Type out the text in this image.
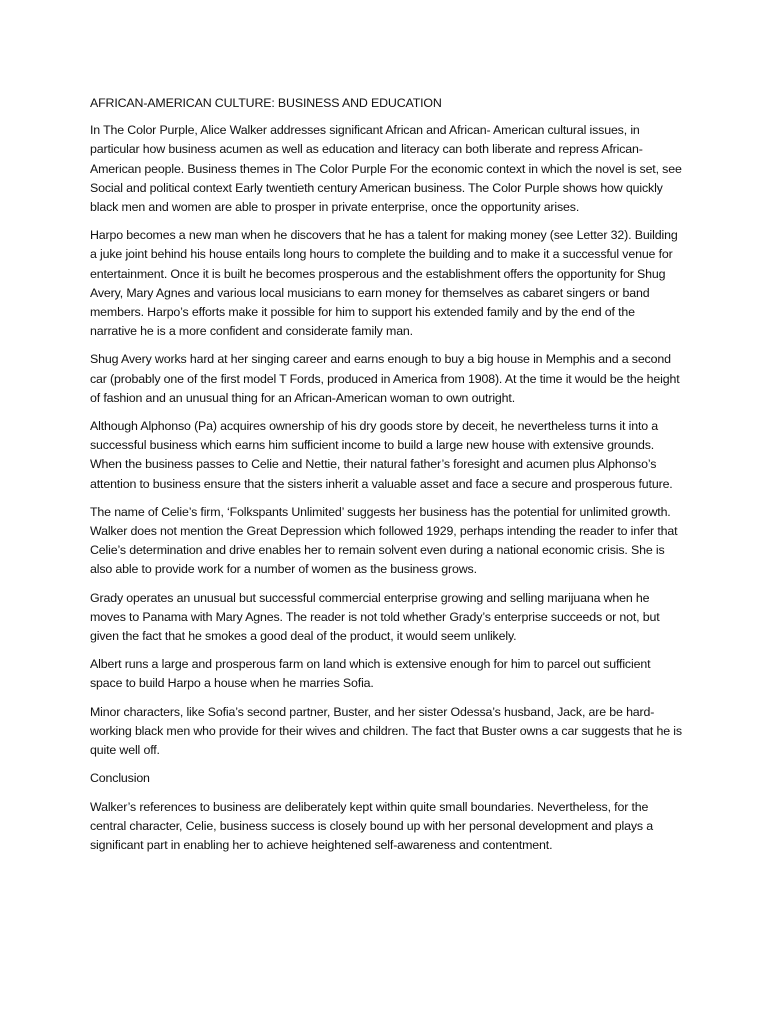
AFRICAN-AMERICAN CULTURE: BUSINESS AND EDUCATION

In The Color Purple, Alice Walker addresses significant African and African- American cultural issues, in particular how business acumen as well as education and literacy can both liberate and repress African-American people. Business themes in The Color Purple For the economic context in which the novel is set, see Social and political context Early twentieth century American business. The Color Purple shows how quickly black men and women are able to prosper in private enterprise, once the opportunity arises.

Harpo becomes a new man when he discovers that he has a talent for making money (see Letter 32). Building a juke joint behind his house entails long hours to complete the building and to make it a successful venue for entertainment. Once it is built he becomes prosperous and the establishment offers the opportunity for Shug Avery, Mary Agnes and various local musicians to earn money for themselves as cabaret singers or band members. Harpo’s efforts make it possible for him to support his extended family and by the end of the narrative he is a more confident and considerate family man.

Shug Avery works hard at her singing career and earns enough to buy a big house in Memphis and a second car (probably one of the first model T Fords, produced in America from 1908). At the time it would be the height of fashion and an unusual thing for an African-American woman to own outright.

Although Alphonso (Pa) acquires ownership of his dry goods store by deceit, he nevertheless turns it into a successful business which earns him sufficient income to build a large new house with extensive grounds. When the business passes to Celie and Nettie, their natural father’s foresight and acumen plus Alphonso’s attention to business ensure that the sisters inherit a valuable asset and face a secure and prosperous future.

The name of Celie’s firm, ‘Folkspants Unlimited’ suggests her business has the potential for unlimited growth. Walker does not mention the Great Depression which followed 1929, perhaps intending the reader to infer that Celie’s determination and drive enables her to remain solvent even during a national economic crisis. She is also able to provide work for a number of women as the business grows.

Grady operates an unusual but successful commercial enterprise growing and selling marijuana when he moves to Panama with Mary Agnes. The reader is not told whether Grady’s enterprise succeeds or not, but given the fact that he smokes a good deal of the product, it would seem unlikely.

Albert runs a large and prosperous farm on land which is extensive enough for him to parcel out sufficient space to build Harpo a house when he marries Sofia.

Minor characters, like Sofia’s second partner, Buster, and her sister Odessa’s husband, Jack, are be hard-working black men who provide for their wives and children. The fact that Buster owns a car suggests that he is quite well off.

Conclusion

Walker’s references to business are deliberately kept within quite small boundaries. Nevertheless, for the central character, Celie, business success is closely bound up with her personal development and plays a significant part in enabling her to achieve heightened self-awareness and contentment.
